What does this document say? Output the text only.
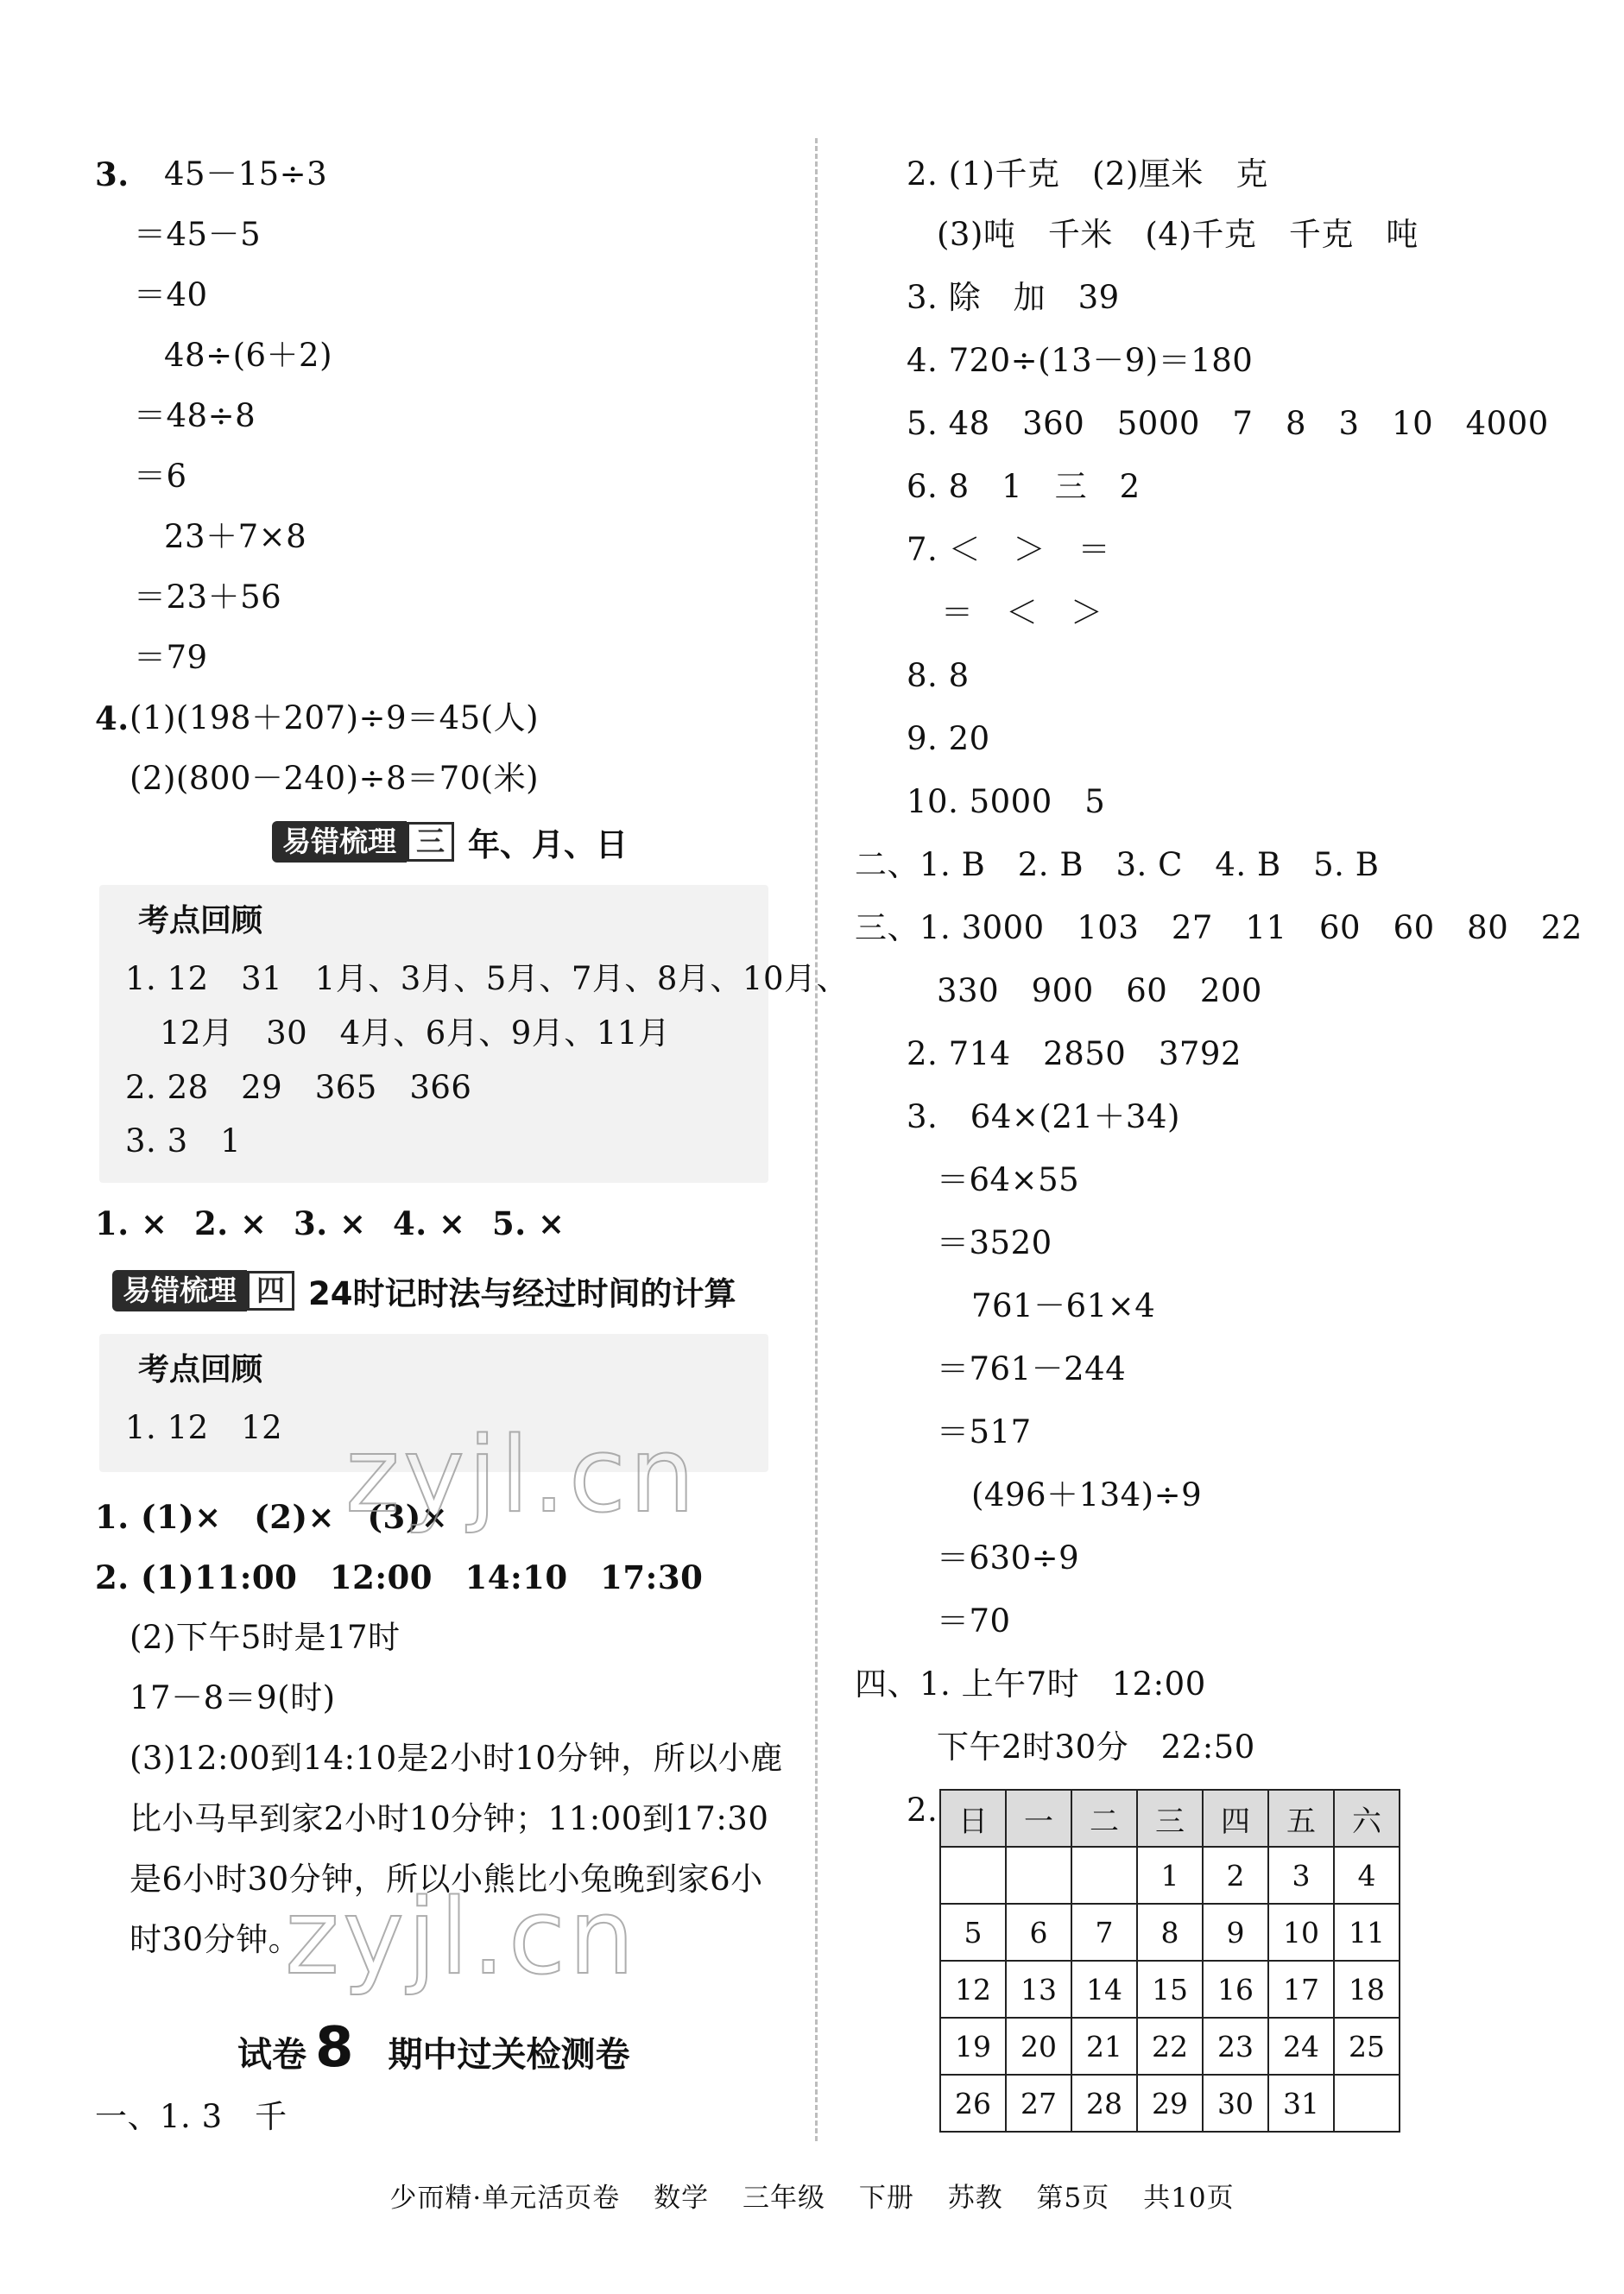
3. 45－15÷3
＝45－5
＝40
48÷(6＋2)
＝48÷8
＝6
23＋7×8
＝23＋56
＝79
4. (1)(198＋207)÷9＝45(人)
(2)(800－240)÷8＝70(米)
易错梳理 三 年、月、日
考点回顾
1. 12　31　1月、3月、5月、7月、8月、10月、
12月　30　4月、6月、9月、11月
2. 28　29　365　366
3. 3　1
1. × 2. × 3. × 4. × 5. ×
易错梳理 四 24时记时法与经过时间的计算
考点回顾
1. 12　12
1. (1)×　(2)×　(3)×
2. (1)11:00　12:00　14:10　17:30
(2)下午5时是17时
17－8＝9(时)
(3)12:00到14:10是2小时10分钟，所以小鹿
比小马早到家2小时10分钟；11:00到17:30
是6小时30分钟，所以小熊比小兔晚到家6小
时30分钟。
试卷 8 期中过关检测卷
一、1. 3　千
zyjl.cn
zyjl.cn
2. (1)千克　(2)厘米　克
(3)吨　千米　(4)千克　千克　吨
3. 除　加　39
4. 720÷(13－9)＝180
5. 48　360　5000　7　8　3　10　4000
6. 8　1　三　2
7. ＜　＞　＝
＝　＜　＞
8. 8
9. 20
10. 5000　5
二、1. B　2. B　3. C　4. B　5. B
三、1. 3000　103　27　11　60　60　80　22
330　900　60　200
2. 714　2850　3792
3.　64×(21＋34)
＝64×55
＝3520
761－61×4
＝761－244
＝517
(496＋134)÷9
＝630÷9
＝70
四、1. 上午7时　12:00
下午2时30分　22:50
2. 日	一	二	三	四	五	六
			1	2	3	4
5	6	7	8	9	10	11
12	13	14	15	16	17	18
19	20	21	22	23	24	25
26	27	28	29	30	31	
少而精·单元活页卷 数学 三年级 下册 苏教 第5页 共10页
